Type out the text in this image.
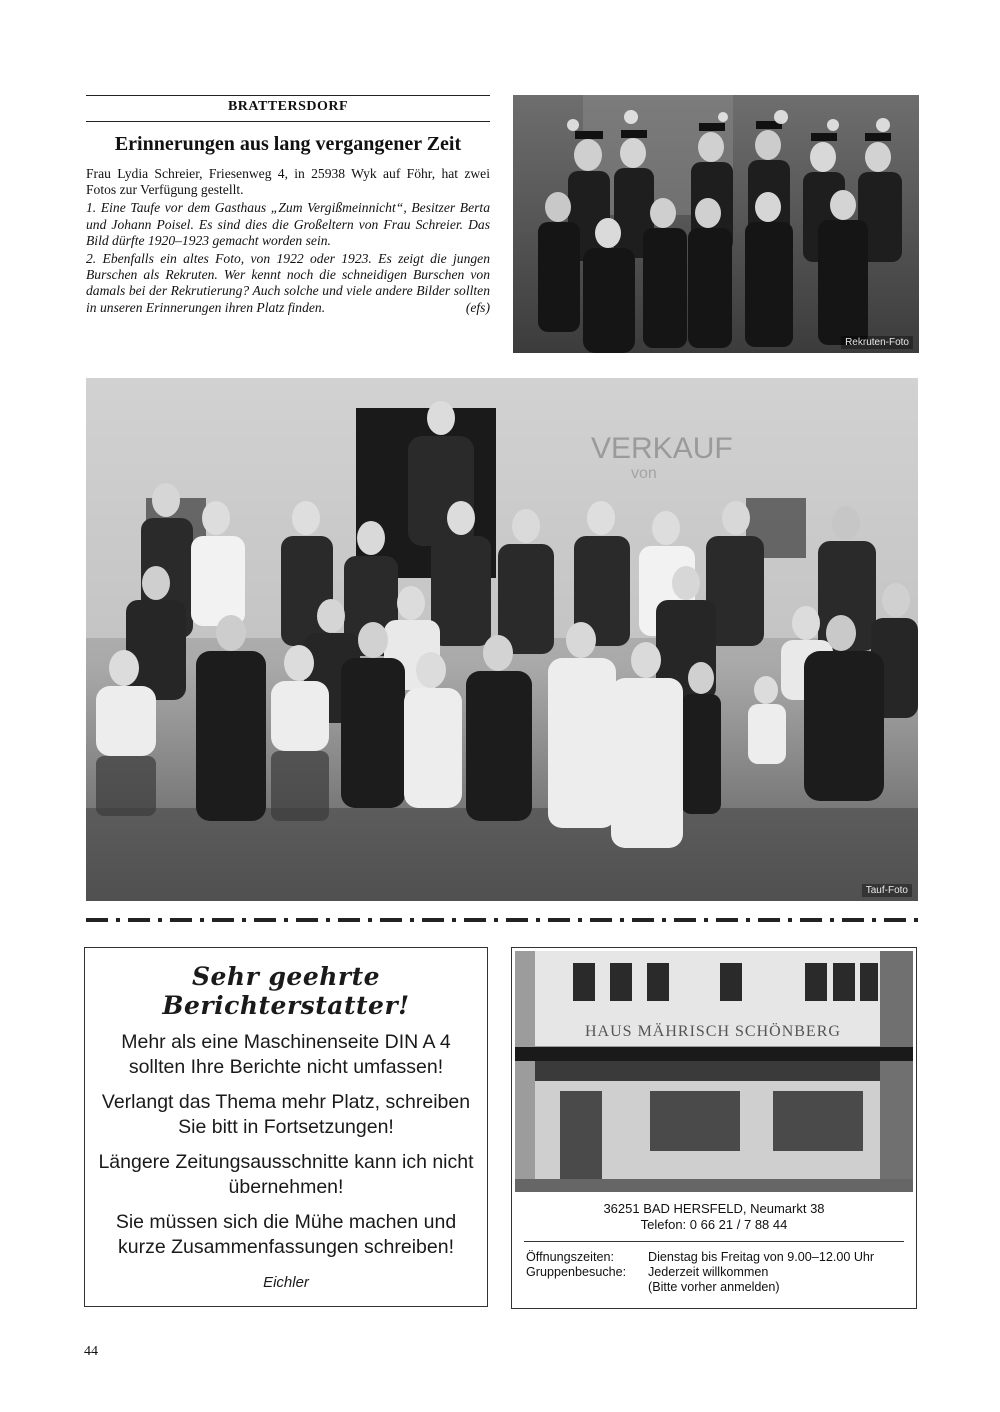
BRATTERSDORF
Erinnerungen aus lang vergangener Zeit

Frau Lydia Schreier, Friesenweg 4, in 25938 Wyk auf Föhr, hat zwei Fotos zur Verfügung gestellt.

1. Eine Taufe vor dem Gasthaus „Zum Vergißmeinnicht“, Besitzer Berta und Johann Poisel. Es sind dies die Großeltern von Frau Schreier. Das Bild dürfte 1920–1923 gemacht worden sein.

2. Ebenfalls ein altes Foto, von 1922 oder 1923. Es zeigt die jungen Burschen als Rekruten. Wer kennt noch die schneidigen Burschen von damals bei der Rekrutierung? Auch solche und viele andere Bilder sollten in unseren Erinnerungen ihren Platz finden.	(efs)

Rekruten-Foto
VERKAUF
von
Tauf-Foto
Sehr geehrte Berichterstatter!

Mehr als eine Maschinenseite DIN A 4 sollten Ihre Berichte nicht umfassen!

Verlangt das Thema mehr Platz, schreiben Sie bitt in Fortsetzungen!

Längere Zeitungsausschnitte kann ich nicht übernehmen!

Sie müssen sich die Mühe machen und kurze Zusammenfassungen schreiben!

Eichler
HAUS MÄHRISCH SCHÖNBERG
36251 BAD HERSFELD, Neumarkt 38
Telefon: 0 66 21 / 7 88 44
Öffnungszeiten:	Dienstag bis Freitag von 9.00–12.00 Uhr
Gruppenbesuche: Jederzeit willkommen
(Bitte vorher anmelden)
44
